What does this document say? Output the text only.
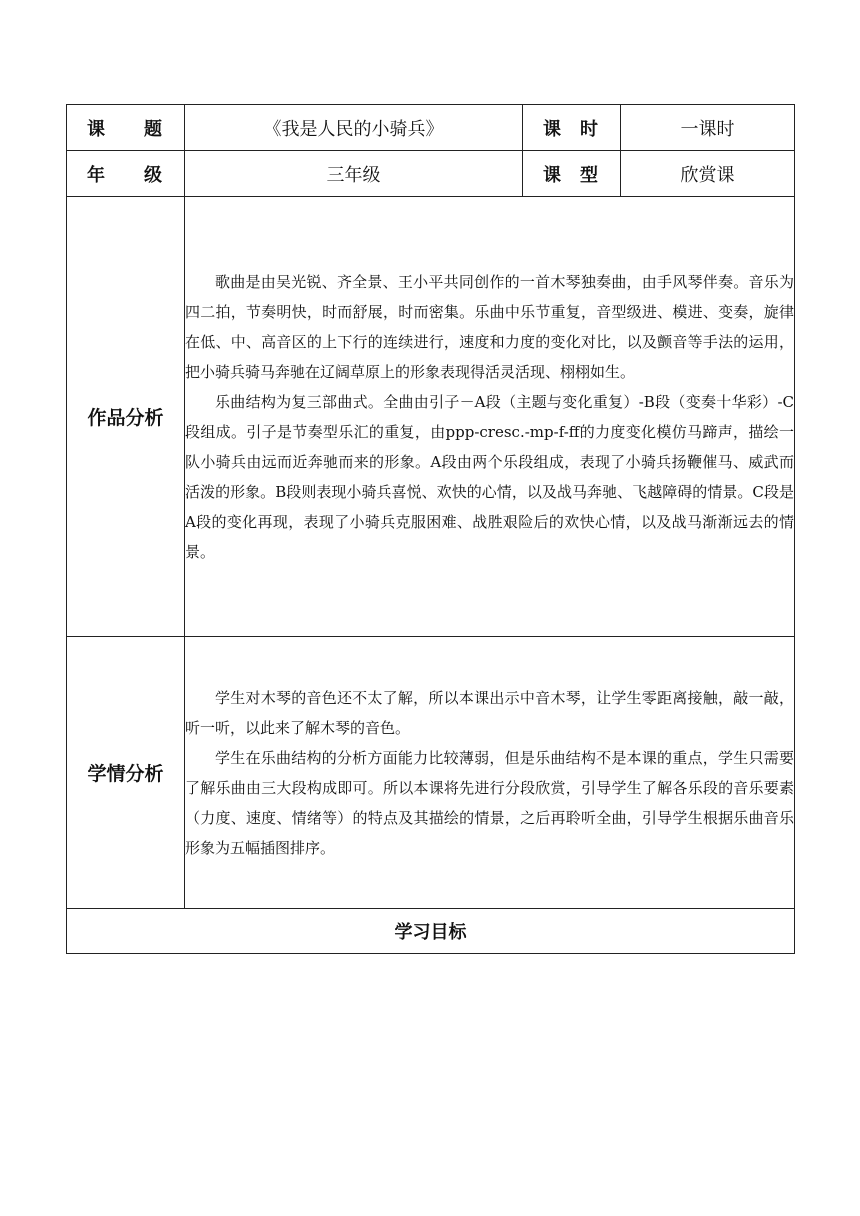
课 题	《我是人民的小骑兵》	课 时	一课时

年 级	三年级	课 型	欣赏课
作品分析	歌曲是由吴光锐、齐全景、王小平共同创作的一首木琴独奏曲，由手风琴伴奏。音乐为四二拍，节奏明快，时而舒展，时而密集。乐曲中乐节重复，音型级进、模进、变奏，旋律在低、中、高音区的上下行的连续进行，速度和力度的变化对比，以及颤音等手法的运用，把小骑兵骑马奔驰在辽阔草原上的形象表现得活灵活现、栩栩如生。

乐曲结构为复三部曲式。全曲由引子－A段（主题与变化重复）-B段（变奏十华彩）-C段组成。引子是节奏型乐汇的重复，由ppp-cresc.-mp-f-ff的力度变化模仿马蹄声，描绘一队小骑兵由远而近奔驰而来的形象。A段由两个乐段组成，表现了小骑兵扬鞭催马、威武而活泼的形象。B段则表现小骑兵喜悦、欢快的心情，以及战马奔驰、飞越障碍的情景。C段是A段的变化再现，表现了小骑兵克服困难、战胜艰险后的欢快心情，以及战马渐渐远去的情景。		

学情分析	学生对木琴的音色还不太了解，所以本课出示中音木琴，让学生零距离接触，敲一敲，听一听，以此来了解木琴的音色。

学生在乐曲结构的分析方面能力比较薄弱，但是乐曲结构不是本课的重点，学生只需要了解乐曲由三大段构成即可。所以本课将先进行分段欣赏，引导学生了解各乐段的音乐要素（力度、速度、情绪等）的特点及其描绘的情景，之后再聆听全曲，引导学生根据乐曲音乐形象为五幅插图排序。		

学习目标			
